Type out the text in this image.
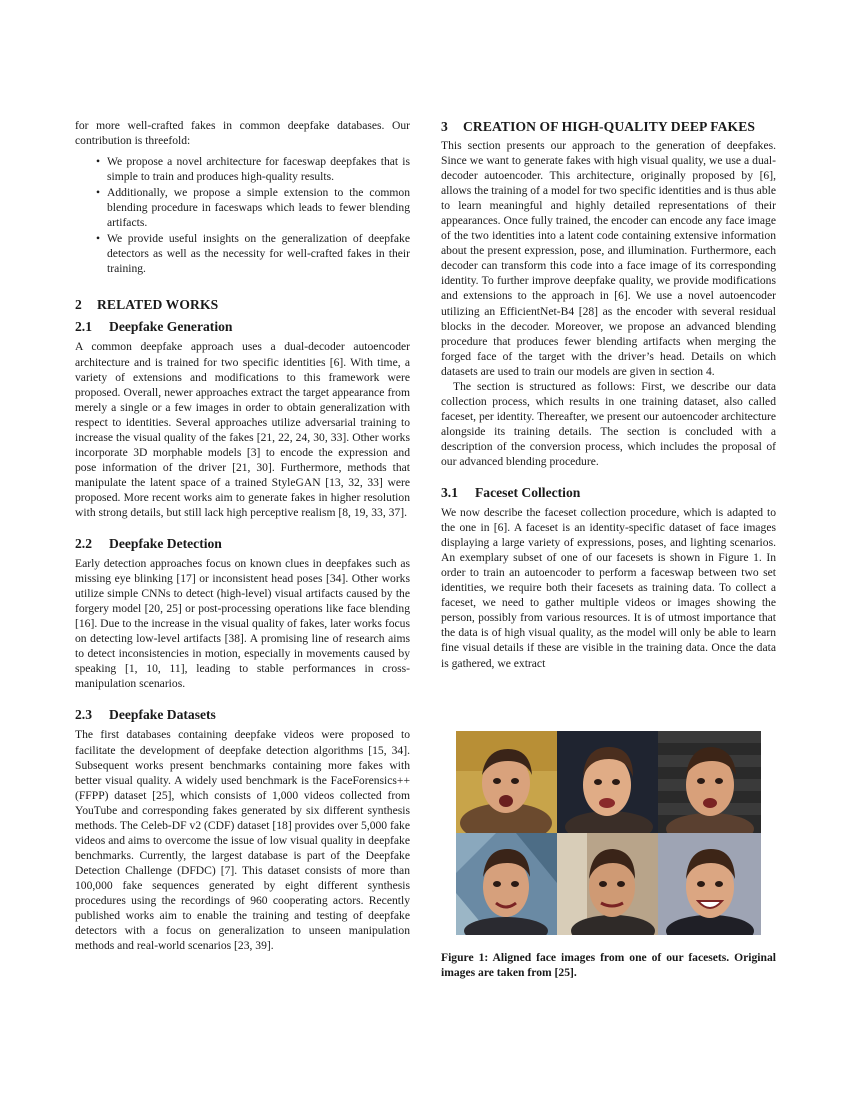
for more well-crafted fakes in common deepfake databases. Our contribution is threefold:

• We propose a novel architecture for faceswap deepfakes that is simple to train and produces high-quality results.
• Additionally, we propose a simple extension to the common blending procedure in faceswaps which leads to fewer blending artifacts.
• We provide useful insights on the generalization of deepfake detectors as well as the necessity for well-crafted fakes in their training.
2 RELATED WORKS
2.1 Deepfake Generation

A common deepfake approach uses a dual-decoder autoencoder architecture and is trained for two specific identities [6]. With time, a variety of extensions and modifications to this framework were proposed. Overall, newer approaches extract the target appearance from merely a single or a few images in order to obtain generalization with respect to identities. Several approaches utilize adversarial training to increase the visual quality of the fakes [21, 22, 24, 30, 33]. Other works incorporate 3D morphable models [3] to encode the expression and pose information of the driver [21, 30]. Furthermore, methods that manipulate the latent space of a trained StyleGAN [13, 32, 33] were proposed. More recent works aim to generate fakes in higher resolution with strong details, but still lack high perceptive realism [8, 19, 33, 37].

2.2 Deepfake Detection

Early detection approaches focus on known clues in deepfakes such as missing eye blinking [17] or inconsistent head poses [34]. Other works utilize simple CNNs to detect (high-level) visual artifacts caused by the forgery model [20, 25] or post-processing operations like face blending [16]. Due to the increase in the visual quality of fakes, later works focus on detecting low-level artifacts [38]. A promising line of research aims to detect inconsistencies in motion, especially in movements caused by speaking [1, 10, 11], leading to stable performances in cross-manipulation scenarios.

2.3 Deepfake Datasets

The first databases containing deepfake videos were proposed to facilitate the development of deepfake detection algorithms [15, 34]. Subsequent works present benchmarks containing more fakes with better visual quality. A widely used benchmark is the FaceForensics++ (FFPP) dataset [25], which consists of 1,000 videos collected from YouTube and corresponding fakes generated by six different synthesis methods. The Celeb-DF v2 (CDF) dataset [18] provides over 5,000 fake videos and aims to overcome the issue of low visual quality in deepfake benchmarks. Currently, the largest database is part of the Deepfake Detection Challenge (DFDC) [7]. This dataset consists of more than 100,000 fake sequences generated by eight different synthesis procedures using the recordings of 960 cooperating actors. Recently published works aim to enable the training and testing of deepfake detectors with a focus on generalization to unseen manipulation methods and real-world scenarios [23, 39].

3	CREATION OF HIGH-QUALITY DEEP FAKES

This section presents our approach to the generation of deepfakes. Since we want to generate fakes with high visual quality, we use a dual-decoder autoencoder. This architecture, originally proposed by [6], allows the training of a model for two specific identities and is thus able to learn meaningful and highly detailed representations of their appearances. Once fully trained, the encoder can encode any face image of the two identities into a latent code containing extensive information about the present expression, pose, and illumination. Furthermore, each decoder can transform this code into a face image of its corresponding identity. To further improve deepfake quality, we provide modifications and extensions to the approach in [6]. We use a novel autoencoder utilizing an EfficientNet-B4 [28] as the encoder with several residual blocks in the decoder. Moreover, we propose an advanced blending procedure that produces fewer blending artifacts when merging the forged face of the target with the driver’s head. Details on which datasets are used to train our models are given in section 4.

The section is structured as follows: First, we describe our data collection process, which results in one training dataset, also called faceset, per identity. Thereafter, we present our autoencoder architecture alongside its training details. The section is concluded with a description of the conversion process, which includes the proposal of our advanced blending procedure.

3.1 Faceset Collection

We now describe the faceset collection procedure, which is adapted to the one in [6]. A faceset is an identity-specific dataset of face images displaying a large variety of expressions, poses, and lighting scenarios. An exemplary subset of one of our facesets is shown in Figure 1. In order to train an autoencoder to perform a faceswap between two set identities, we require both their facesets as training data. To collect a faceset, we need to gather multiple videos or images showing the person, possibly from various resources. It is of utmost importance that the data is of high visual quality, as the model will only be able to learn fine visual details if these are visible in the training data. Once the data is gathered, we extract

Figure 1: Aligned face images from one of our facesets. Original images are taken from [25].
